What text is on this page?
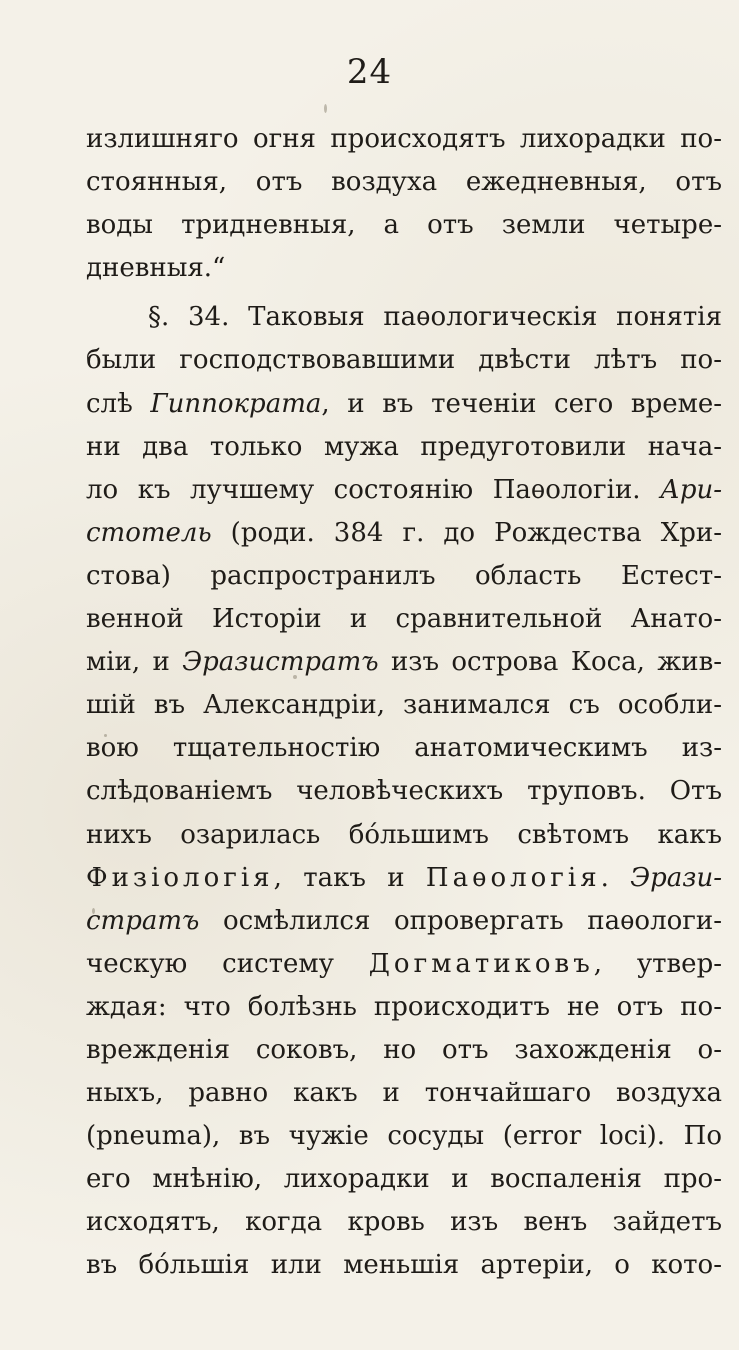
24
излишняго огня происходятъ лихорадки по-
стоянныя, отъ воздуха ежедневныя, отъ
воды тридневныя, а отъ земли четыре-
дневныя.“
§. 34. Таковыя паѳологическія понятія
были господствовавшими двѣсти лѣтъ по-
слѣ Гиппократа, и въ теченіи сего време-
ни два только мужа предуготовили нача-
ло къ лучшему состоянію Паѳологіи. Ари-
стотель (роди. 384 г. до Рождества Хри-
стова) распространилъ область Естест-
венной Исторіи и сравнительной Анато-
міи, и Эразистратъ изъ острова Коса, жив-
шій въ Александріи, занимался съ особли-
вою тщательностію анатомическимъ из-
слѣдованіемъ человѣческихъ труповъ. Отъ
нихъ озарилась бо́льшимъ свѣтомъ какъ
Физіологія, такъ и Паѳологія. Эрази-
стратъ осмѣлился опровергать паѳологи-
ческую систему Догматиковъ, утвер-
ждая: что болѣзнь происходитъ не отъ по-
врежденія соковъ, но отъ захожденія о-
ныхъ, равно какъ и тончайшаго воздуха
(pneuma), въ чужіе сосуды (error loci). По
его мнѣнію, лихорадки и воспаленія про-
исходятъ, когда кровь изъ венъ зайдетъ
въ бо́льшія или меньшія артеріи, о кото-
